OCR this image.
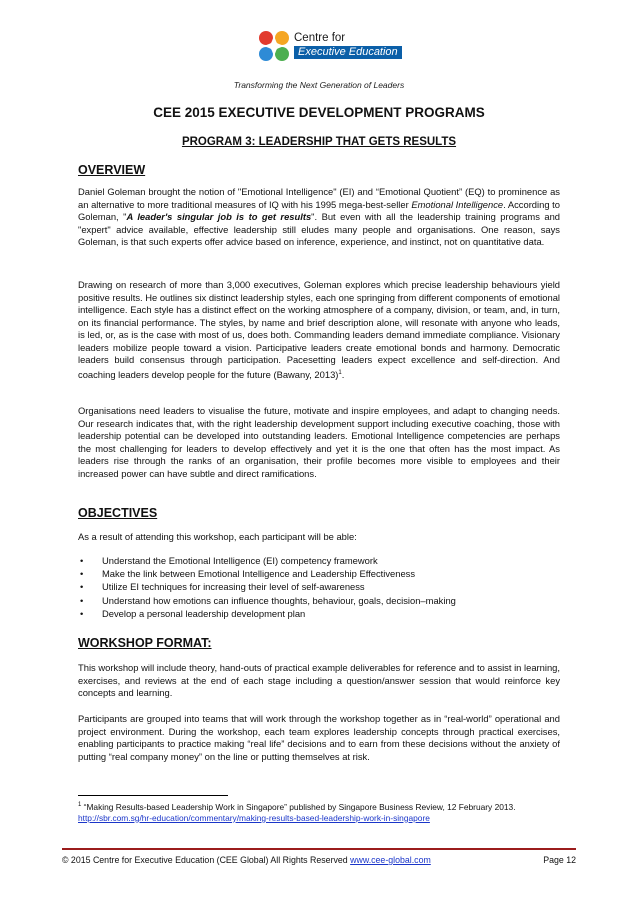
Centre for
Executive Education
Transforming the Next Generation of Leaders
CEE 2015 EXECUTIVE DEVELOPMENT PROGRAMS
PROGRAM 3: LEADERSHIP THAT GETS RESULTS
OVERVIEW

Daniel Goleman brought the notion of "Emotional Intelligence" (EI) and “Emotional Quotient” (EQ) to prominence as an alternative to more traditional measures of IQ with his 1995 mega-best-seller Emotional Intelligence. According to Goleman, "A leader's singular job is to get results". But even with all the leadership training programs and "expert" advice available, effective leadership still eludes many people and organisations. One reason, says Goleman, is that such experts offer advice based on inference, experience, and instinct, not on quantitative data.

Drawing on research of more than 3,000 executives, Goleman explores which precise leadership behaviours yield positive results. He outlines six distinct leadership styles, each one springing from different components of emotional intelligence. Each style has a distinct effect on the working atmosphere of a company, division, or team, and, in turn, on its financial performance. The styles, by name and brief description alone, will resonate with anyone who leads, is led, or, as is the case with most of us, does both. Commanding leaders demand immediate compliance. Visionary leaders mobilize people toward a vision. Participative leaders create emotional bonds and harmony. Democratic leaders build consensus through participation. Pacesetting leaders expect excellence and self-direction. And coaching leaders develop people for the future (Bawany, 2013)$^1$.

Organisations need leaders to visualise the future, motivate and inspire employees, and adapt to changing needs. Our research indicates that, with the right leadership development support including executive coaching, those with leadership potential can be developed into outstanding leaders. Emotional Intelligence competencies are perhaps the most challenging for leaders to develop effectively and yet it is the one that often has the most impact. As leaders rise through the ranks of an organisation, their profile becomes more visible to employees and their increased power can have subtle and direct ramifications.
OBJECTIVES
As a result of attending this workshop, each participant will be able:
• Understand the Emotional Intelligence (EI) competency framework
• Make the link between Emotional Intelligence and Leadership Effectiveness
• Utilize EI techniques for increasing their level of self-awareness
• Understand how emotions can influence thoughts, behaviour, goals, decision–making
• Develop a personal leadership development plan
WORKSHOP FORMAT:
This workshop will include theory, hand-outs of practical example deliverables for reference and to assist in learning, exercises, and reviews at the end of each stage including a question/answer session that would reinforce key concepts and learning.
Participants are grouped into teams that will work through the workshop together as in “real-world” operational and project environment. During the workshop, each team explores leadership concepts through practical exercises, enabling participants to practice making “real life” decisions and to earn from these decisions without the anxiety of putting “real company money” on the line or putting themselves at risk.
$^1$ “Making Results-based Leadership Work in Singapore” published by Singapore Business Review, 12 February 2013. http://sbr.com.sg/hr-education/commentary/making-results-based-leadership-work-in-singapore
© 2015 Centre for Executive Education (CEE Global) All Rights Reserved www.cee-global.com	Page 12
